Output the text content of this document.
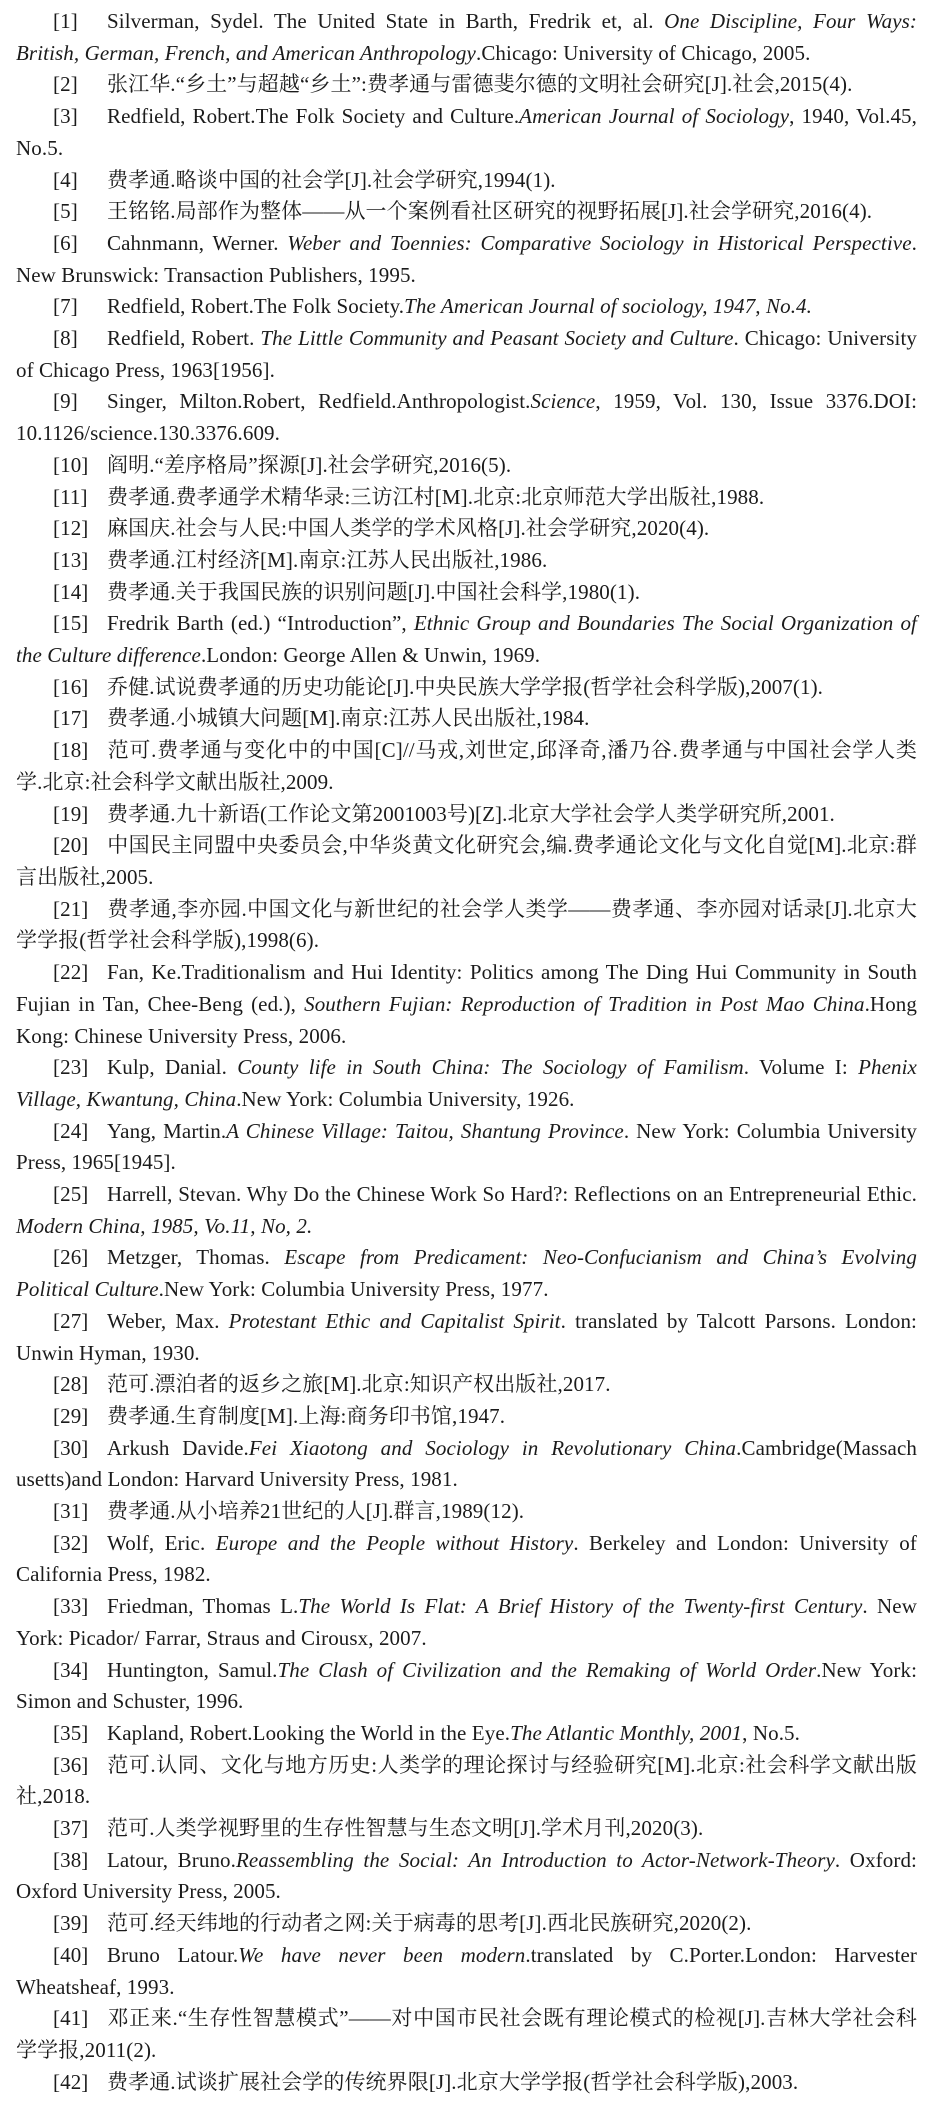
[1] Silverman, Sydel. The United State in Barth, Fredrik et, al. One Discipline, Four Ways: British, German, French, and American Anthropology.Chicago: University of Chicago, 2005.

[2] 张江华.“乡土”与超越“乡土”:费孝通与雷德斐尔德的文明社会研究[J].社会,2015(4).

[3] Redfield, Robert.The Folk Society and Culture.American Journal of Sociology, 1940, Vol.45, No.5.

[4] 费孝通.略谈中国的社会学[J].社会学研究,1994(1).

[5] 王铭铭.局部作为整体——从一个案例看社区研究的视野拓展[J].社会学研究,2016(4).

[6] Cahnmann, Werner. Weber and Toennies: Comparative Sociology in Historical Perspective. New Brunswick: Transaction Publishers, 1995.

[7] Redfield, Robert.The Folk Society.The American Journal of sociology, 1947, No.4.

[8] Redfield, Robert. The Little Community and Peasant Society and Culture. Chicago: University of Chicago Press, 1963[1956].

[9] Singer, Milton.Robert, Redfield.Anthropologist.Science, 1959, Vol. 130, Issue 3376.DOI: 10.1126/science.130.3376.609.

[10] 阎明.“差序格局”探源[J].社会学研究,2016(5).

[11] 费孝通.费孝通学术精华录:三访江村[M].北京:北京师范大学出版社,1988.

[12] 麻国庆.社会与人民:中国人类学的学术风格[J].社会学研究,2020(4).

[13] 费孝通.江村经济[M].南京:江苏人民出版社,1986.

[14] 费孝通.关于我国民族的识别问题[J].中国社会科学,1980(1).

[15] Fredrik Barth (ed.) “Introduction”, Ethnic Group and Boundaries The Social Organization of the Culture difference.London: George Allen & Unwin, 1969.

[16] 乔健.试说费孝通的历史功能论[J].中央民族大学学报(哲学社会科学版),2007(1).

[17] 费孝通.小城镇大问题[M].南京:江苏人民出版社,1984.

[18] 范可.费孝通与变化中的中国[C]//马戎,刘世定,邱泽奇,潘乃谷.费孝通与中国社会学人类学.北京:社会科学文献出版社,2009.

[19] 费孝通.九十新语(工作论文第2001003号)[Z].北京大学社会学人类学研究所,2001.

[20] 中国民主同盟中央委员会,中华炎黄文化研究会,编.费孝通论文化与文化自觉[M].北京:群言出版社,2005.

[21] 费孝通,李亦园.中国文化与新世纪的社会学人类学——费孝通、李亦园对话录[J].北京大学学报(哲学社会科学版),1998(6).

[22] Fan, Ke.Traditionalism and Hui Identity: Politics among The Ding Hui Community in South Fujian in Tan, Chee-Beng (ed.), Southern Fujian: Reproduction of Tradition in Post Mao China.Hong Kong: Chinese University Press, 2006.

[23] Kulp, Danial. County life in South China: The Sociology of Familism. Volume I: Phenix Village, Kwantung, China.New York: Columbia University, 1926.

[24] Yang, Martin.A Chinese Village: Taitou, Shantung Province. New York: Columbia University Press, 1965[1945].

[25] Harrell, Stevan. Why Do the Chinese Work So Hard?: Reflections on an Entrepreneurial Ethic. Modern China, 1985, Vo.11, No, 2.

[26] Metzger, Thomas. Escape from Predicament: Neo-Confucianism and China’s Evolving Political Culture.New York: Columbia University Press, 1977.

[27] Weber, Max. Protestant Ethic and Capitalist Spirit. translated by Talcott Parsons. London: Unwin Hyman, 1930.

[28] 范可.漂泊者的返乡之旅[M].北京:知识产权出版社,2017.

[29] 费孝通.生育制度[M].上海:商务印书馆,1947.

[30] Arkush Davide.Fei Xiaotong and Sociology in Revolutionary China.Cambridge(Massach usetts)and London: Harvard University Press, 1981.

[31] 费孝通.从小培养21世纪的人[J].群言,1989(12).

[32] Wolf, Eric. Europe and the People without History. Berkeley and London: University of California Press, 1982.

[33] Friedman, Thomas L.The World Is Flat: A Brief History of the Twenty-first Century. New York: Picador/ Farrar, Straus and Cirousx, 2007.

[34] Huntington, Samul.The Clash of Civilization and the Remaking of World Order.New York: Simon and Schuster, 1996.

[35] Kapland, Robert.Looking the World in the Eye.The Atlantic Monthly, 2001, No.5.

[36] 范可.认同、文化与地方历史:人类学的理论探讨与经验研究[M].北京:社会科学文献出版社,2018.

[37] 范可.人类学视野里的生存性智慧与生态文明[J].学术月刊,2020(3).

[38] Latour, Bruno.Reassembling the Social: An Introduction to Actor-Network-Theory. Oxford: Oxford University Press, 2005.

[39] 范可.经天纬地的行动者之网:关于病毒的思考[J].西北民族研究,2020(2).

[40] Bruno Latour.We have never been modern.translated by C.Porter.London: Harvester Wheatsheaf, 1993.

[41] 邓正来.“生存性智慧模式”——对中国市民社会既有理论模式的检视[J].吉林大学社会科学学报,2011(2).

[42] 费孝通.试谈扩展社会学的传统界限[J].北京大学学报(哲学社会科学版),2003.
